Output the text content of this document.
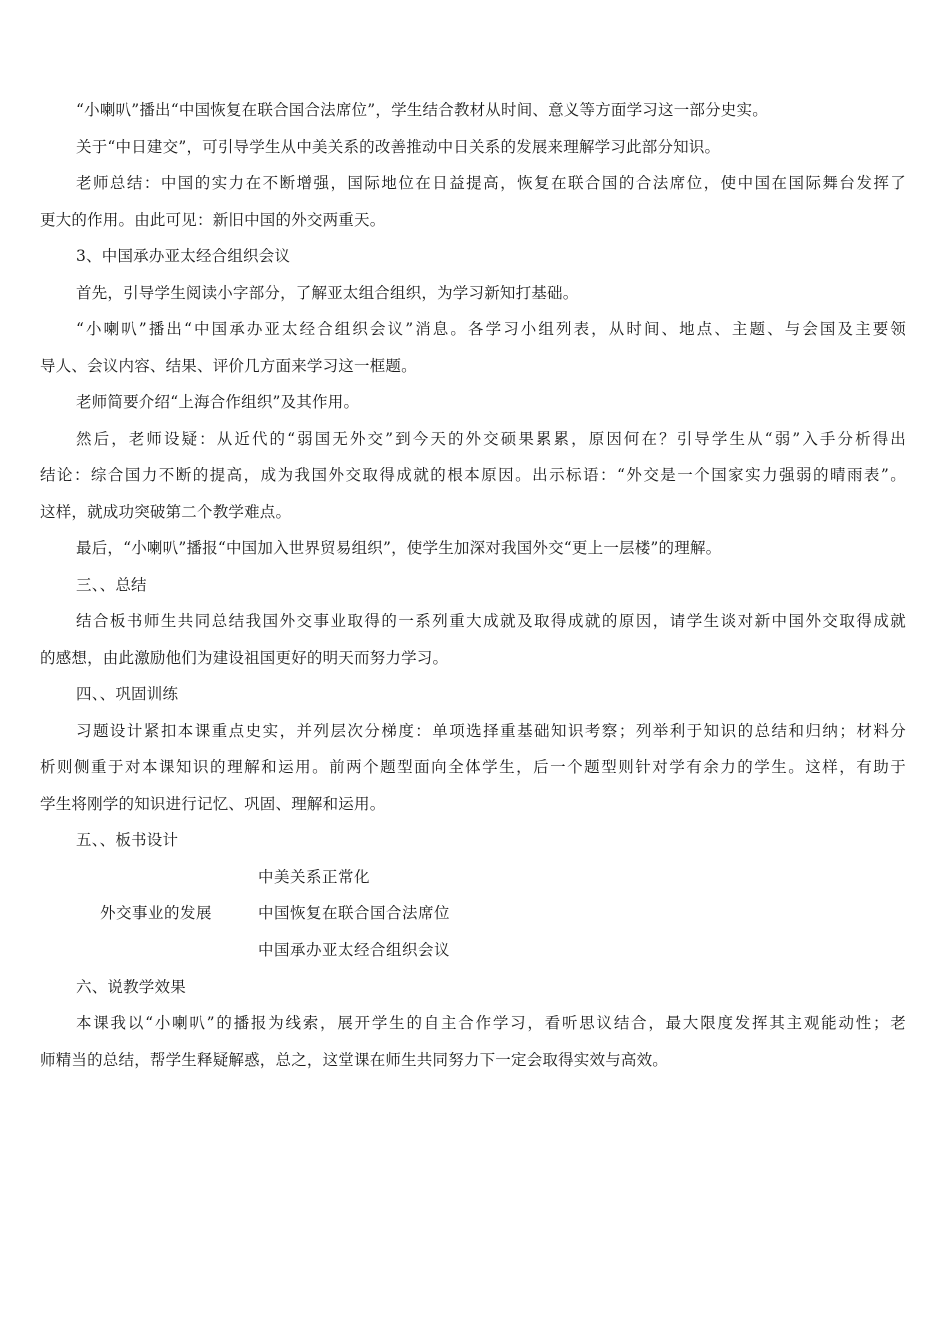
“小喇叭”播出“中国恢复在联合国合法席位”，学生结合教材从时间、意义等方面学习这一部分史实。
关于“中日建交”，可引导学生从中美关系的改善推动中日关系的发展来理解学习此部分知识。
老师总结：中国的实力在不断增强，国际地位在日益提高，恢复在联合国的合法席位，使中国在国际舞台发挥了
更大的作用。由此可见：新旧中国的外交两重天。
3、中国承办亚太经合组织会议
首先，引导学生阅读小字部分，了解亚太组合组织，为学习新知打基础。
“小喇叭”播出“中国承办亚太经合组织会议”消息。各学习小组列表，从时间、地点、主题、与会国及主要领
导人、会议内容、结果、评价几方面来学习这一框题。
老师简要介绍“上海合作组织”及其作用。
然后，老师设疑：从近代的“弱国无外交”到今天的外交硕果累累，原因何在？引导学生从“弱”入手分析得出
结论：综合国力不断的提高，成为我国外交取得成就的根本原因。出示标语：“外交是一个国家实力强弱的晴雨表”。
这样，就成功突破第二个教学难点。
最后，“小喇叭”播报“中国加入世界贸易组织”，使学生加深对我国外交“更上一层楼”的理解。
三、、总结
结合板书师生共同总结我国外交事业取得的一系列重大成就及取得成就的原因，请学生谈对新中国外交取得成就
的感想，由此激励他们为建设祖国更好的明天而努力学习。
四、、巩固训练
习题设计紧扣本课重点史实，并列层次分梯度：单项选择重基础知识考察；列举利于知识的总结和归纳；材料分
析则侧重于对本课知识的理解和运用。前两个题型面向全体学生，后一个题型则针对学有余力的学生。这样，有助于
学生将刚学的知识进行记忆、巩固、理解和运用。
五、、板书设计
外交事业的发展
中美关系正常化
中国恢复在联合国合法席位
中国承办亚太经合组织会议
六、说教学效果
本课我以“小喇叭”的播报为线索，展开学生的自主合作学习，看听思议结合，最大限度发挥其主观能动性；老
师精当的总结，帮学生释疑解惑，总之，这堂课在师生共同努力下一定会取得实效与高效。
